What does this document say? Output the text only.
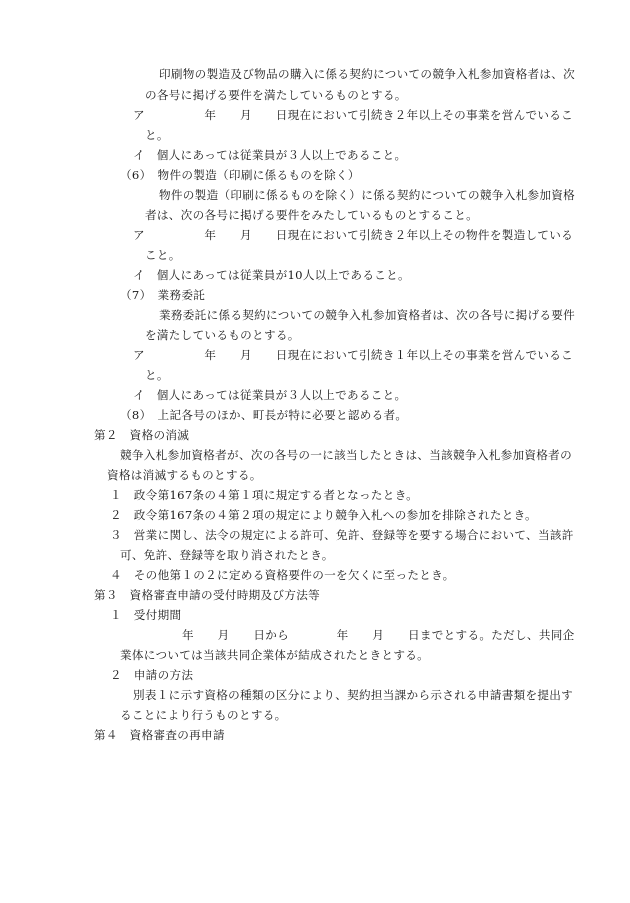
印刷物の製造及び物品の購入に係る契約についての競争入札参加資格者は、次
の各号に掲げる要件を満たしているものとする。
ア　　　　　年　　月　　日現在において引続き２年以上その事業を営んでいるこ
と。
イ　個人にあっては従業員が３人以上であること。
（6）　物件の製造（印刷に係るものを除く）
物件の製造（印刷に係るものを除く）に係る契約についての競争入札参加資格
者は、次の各号に掲げる要件をみたしているものとすること。
ア　　　　　年　　月　　日現在において引続き２年以上その物件を製造している
こと。
イ　個人にあっては従業員が10人以上であること。
（7）　業務委託
業務委託に係る契約についての競争入札参加資格者は、次の各号に掲げる要件
を満たしているものとする。
ア　　　　　年　　月　　日現在において引続き１年以上その事業を営んでいるこ
と。
イ　個人にあっては従業員が３人以上であること。
（8）　上記各号のほか、町長が特に必要と認める者。
第２　資格の消滅
競争入札参加資格者が、次の各号の一に該当したときは、当該競争入札参加資格者の
資格は消滅するものとする。
１　政令第167条の４第１項に規定する者となったとき。
２　政令第167条の４第２項の規定により競争入札への参加を排除されたとき。
３　営業に関し、法令の規定による許可、免許、登録等を要する場合において、当該許
可、免許、登録等を取り消されたとき。
４　その他第１の２に定める資格要件の一を欠くに至ったとき。
第３　資格審査申請の受付時期及び方法等
１　受付期間
年　　月　　日から　　　　年　　月　　日までとする。ただし、共同企
業体については当該共同企業体が結成されたときとする。
２　申請の方法
別表１に示す資格の種類の区分により、契約担当課から示される申請書類を提出す
ることにより行うものとする。
第４　資格審査の再申請
